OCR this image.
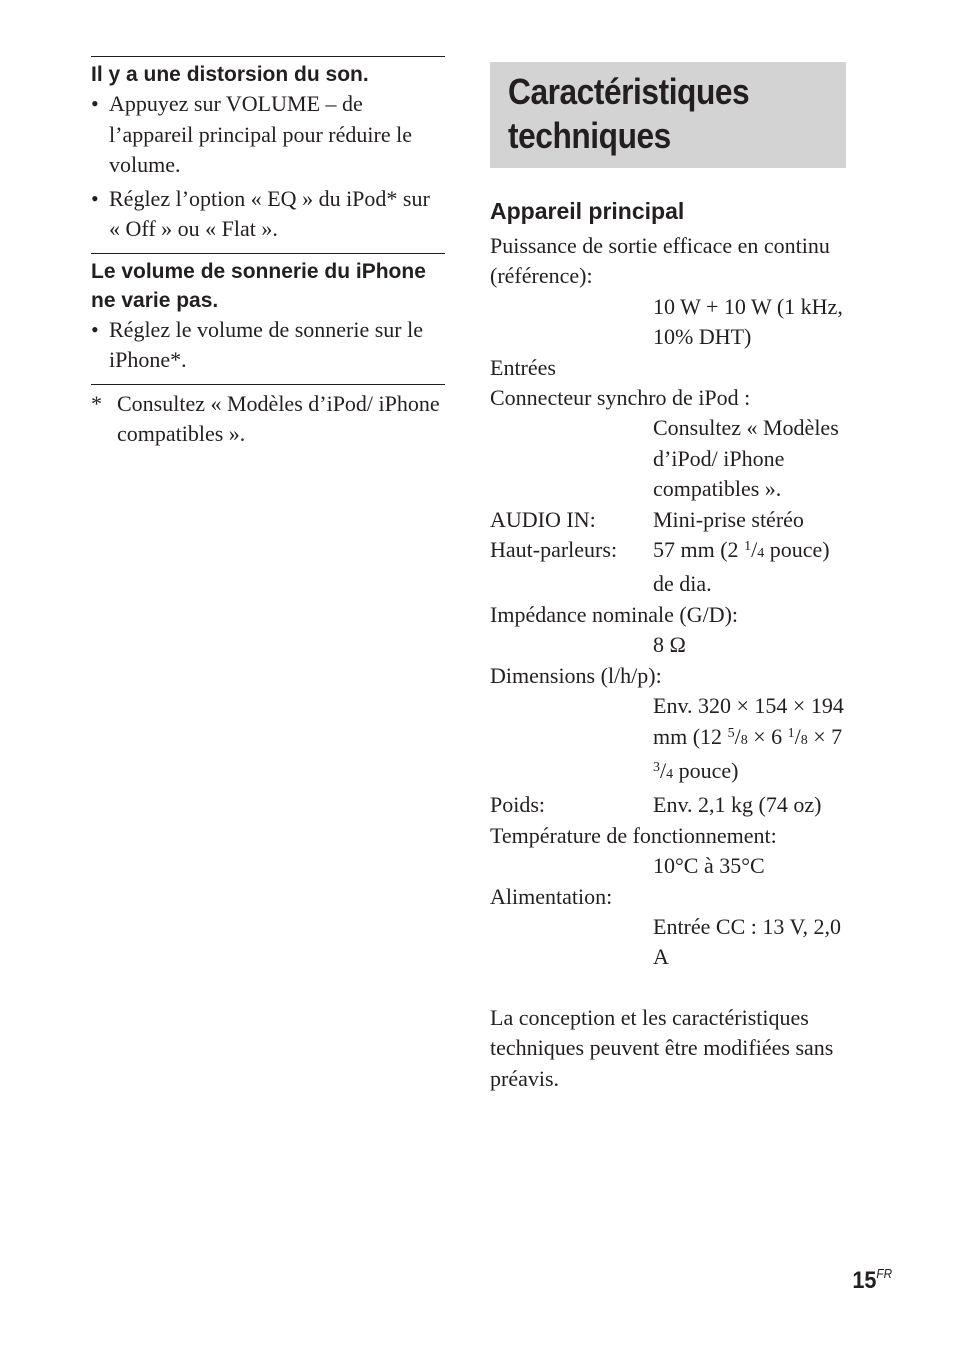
Il y a une distorsion du son.
• Appuyez sur VOLUME – de l’appareil principal pour réduire le volume.
• Réglez l’option « EQ » du iPod* sur « Off » ou « Flat ».
Le volume de sonnerie du iPhone ne varie pas.
• Réglez le volume de sonnerie sur le iPhone*.
* Consultez « Modèles d’iPod/ iPhone compatibles ».
Caractéristiques
techniques
Appareil principal
Puissance de sortie efficace en continu (référence):
10 W + 10 W (1 kHz, 10% DHT)
Entrées
Connecteur synchro de iPod :
Consultez « Modèles d’iPod/ iPhone compatibles ».
AUDIO IN:	Mini-prise stéréo
Haut-parleurs:	57 mm (2 $^1$/4 pouce) de dia.
Impédance nominale (G/D):
8 Ω
Dimensions (l/h/p):
Env. 320 × 154 × 194 mm (12 $^5$/8 × 6 $^1$/8 × 7 $^3$/4 pouce)
Poids:	Env. 2,1 kg (74 oz)
Température de fonctionnement:
10°C à 35°C
Alimentation:
Entrée CC : 13 V, 2,0 A

La conception et les caractéristiques techniques peuvent être modifiées sans préavis.

$15^{FR}$
